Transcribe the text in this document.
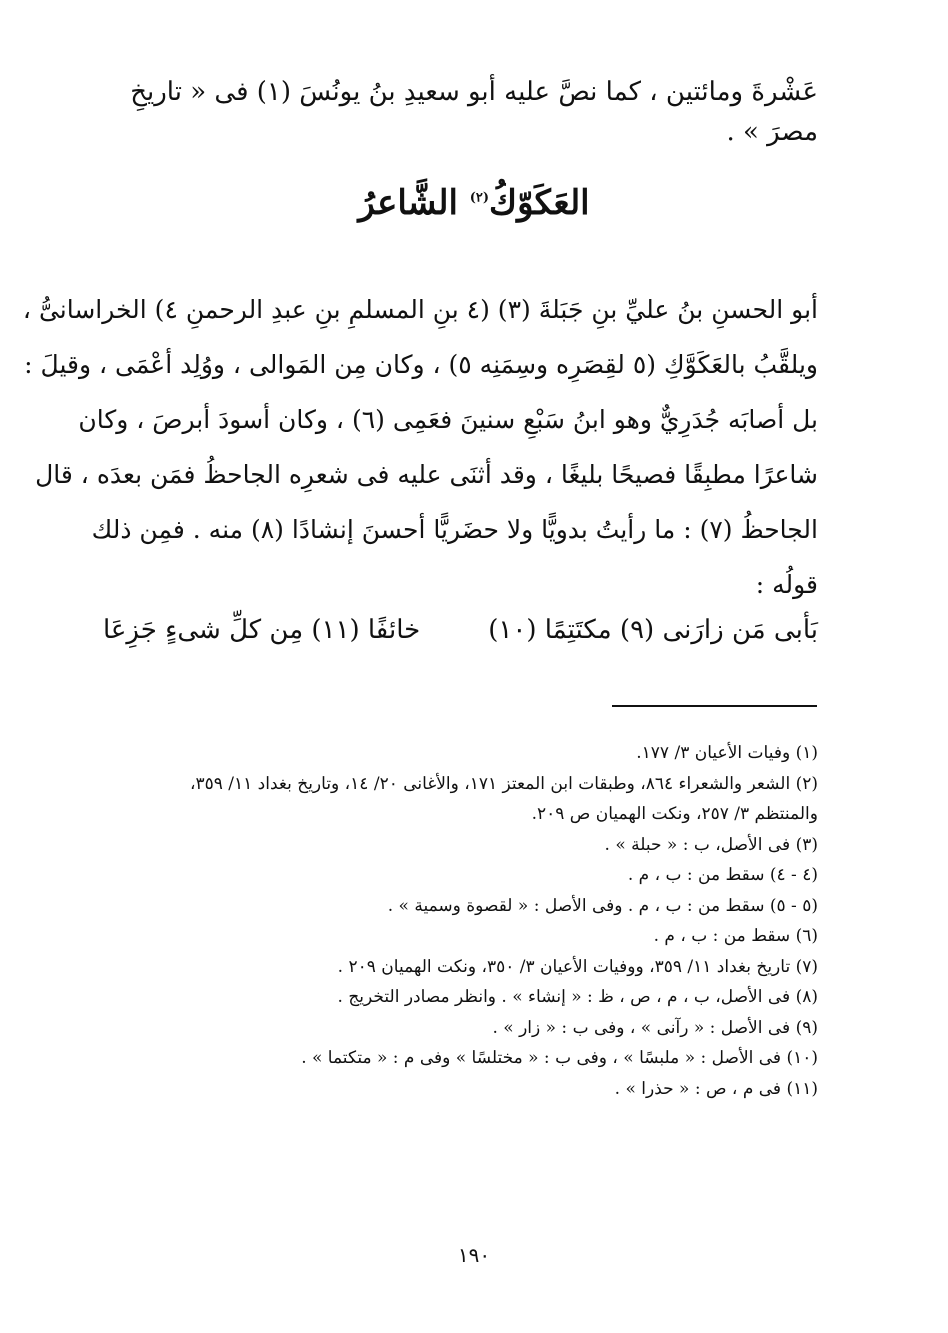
عَشْرةَ ومائتين ، كما نصَّ عليه أبو سعيدِ بنُ يونُسَ (١) فى « تاريخِ مصرَ » .
العَكَوّكُ$^{(٢)}$ الشَّاعرُ
أبو الحسنِ بنُ عليِّ بنِ جَبَلةَ (٣) (٤ بنِ المسلمِ بنِ عبدِ الرحمنِ ٤) الخراسانىُّ ،
ويلقَّبُ بالعَكَوَّكِ (٥ لقِصَرِه وسِمَنِه ٥) ، وكان مِن المَوالى ، ووُلِد أعْمَى ، وقيلَ :
بل أصابَه جُدَرِيٌّ وهو ابنُ سَبْعِ سنينَ فعَمِى (٦) ، وكان أسودَ أبرصَ ، وكان
شاعرًا مطبِقًا فصيحًا بليغًا ، وقد أثنَى عليه فى شعرِه الجاحظُ فمَن بعدَه ، قال
الجاحظُ (٧) : ما رأيتُ بدويًّا ولا حضَريًّا أحسنَ إنشادًا (٨) منه . فمِن ذلك
قولُه :
بَأبى مَن زارَنى (٩) مكتَتِمًا (١٠)
خائفًا (١١) مِن كلِّ شىءٍ جَزِعَا
(١) وفيات الأعيان ٣/ ١٧٧.
(٢) الشعر والشعراء ٨٦٤، وطبقات ابن المعتز ١٧١، والأغانى ٢٠/ ١٤، وتاريخ بغداد ١١/ ٣٥٩،
والمنتظم ٣/ ٢٥٧، ونكت الهميان ص ٢٠٩.
(٣) فى الأصل، ب : « حبلة » .
(٤ - ٤) سقط من : ب ، م .
(٥ - ٥) سقط من : ب ، م . وفى الأصل : « لقصوة وسمية » .
(٦) سقط من : ب ، م .
(٧) تاريخ بغداد ١١/ ٣٥٩، ووفيات الأعيان ٣/ ٣٥٠، ونكت الهميان ٢٠٩ .
(٨) فى الأصل، ب ، م ، ص ، ظ : « إنشاء » . وانظر مصادر التخريج .
(٩) فى الأصل : « رآنى » ، وفى ب : « زار » .
(١٠) فى الأصل : « ملبسًا » ، وفى ب : « مختلسًا » وفى م : « متكتما » .
(١١) فى م ، ص : « حذرا » .
١٩٠
